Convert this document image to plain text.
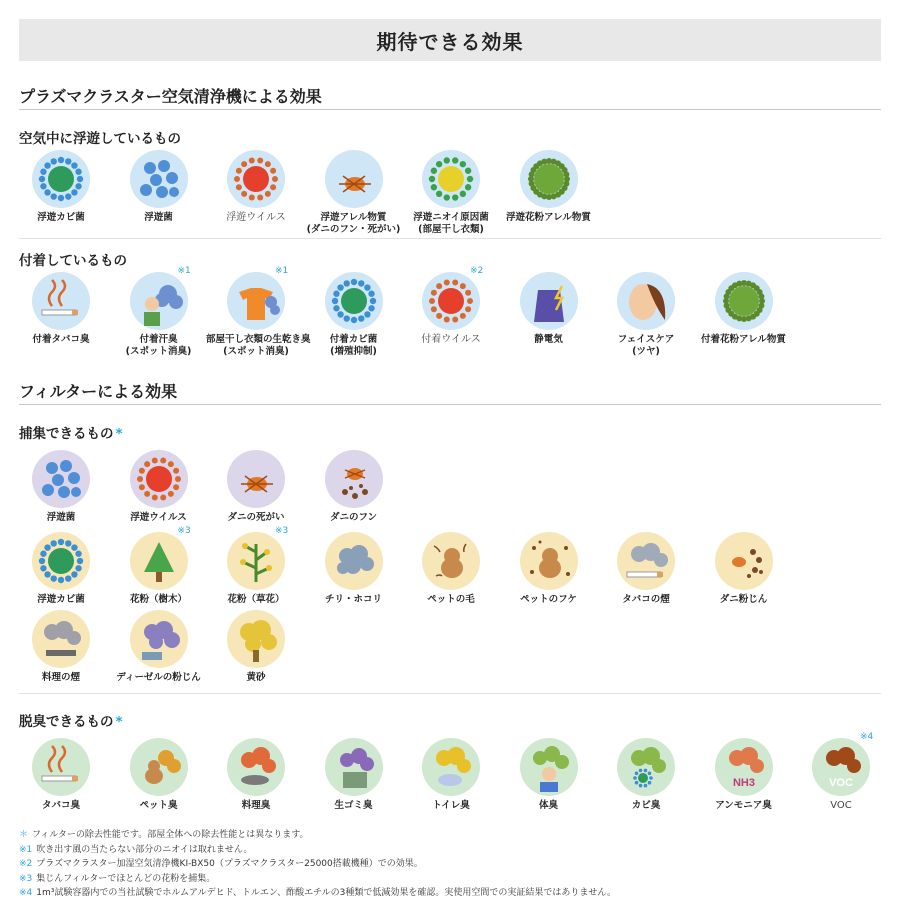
期待できる効果
プラズマクラスター空気清浄機による効果
空気中に浮遊しているもの
浮遊カビ菌	浮遊菌	浮遊ウイルス	浮遊アレル物質
(ダニのフン・死がい)
浮遊ニオイ原因菌
(部屋干し衣類)
浮遊花粉アレル物質
付着しているもの
付着タバコ臭	付着汗臭
(スポット消臭)
※1
部屋干し衣類の生乾き臭
(スポット消臭)
※1
付着カビ菌
(増殖抑制)
付着ウイルス
※2
静電気	フェイスケア
(ツヤ)
付着花粉アレル物質
フィルターによる効果
捕集できるもの *
浮遊菌	浮遊ウイルス	ダニの死がい	ダニのフン
浮遊カビ菌	花粉（樹木）
※3
花粉（草花）
※3
チリ・ホコリ	ペットの毛	ペットのフケ	タバコの煙	ダニ粉じん
料理の煙	ディーゼルの粉じん	黄砂
脱臭できるもの *
タバコ臭	ペット臭	料理臭	生ゴミ臭	トイレ臭	体臭	カビ臭
NH3
アンモニア臭
VOC
VOC
※4
＊ フィルターの除去性能です。部屋全体への除去性能とは異なります。
※1 吹き出す風の当たらない部分のニオイは取れません。
※2 プラズマクラスター加湿空気清浄機KI-BX50（プラズマクラスター25000搭載機種）での効果。
※3 集じんフィルターでほとんどの花粉を捕集。
※4 1m³試験容器内での当社試験でホルムアルデヒド、トルエン、酢酸エチルの3種類で低減効果を確認。実使用空間での実証結果ではありません。
